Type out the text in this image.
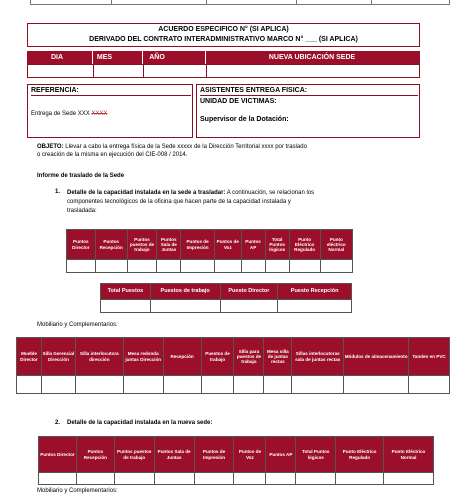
ACUERDO ESPECIFICO N° (SI APLICA)
DERIVADO DEL CONTRATO INTERADMINISTRATIVO MARCO N° ___ (SI APLICA)
DIA	MES	AÑO	NUEVA UBICACIÓN SEDE
REFERENCIA:
Entrega de Sede XXX XXXX
ASISTENTES ENTREGA FISICA:
UNIDAD DE VICTIMAS:
Supervisor de la Dotación:
OBJETO: Llevar a cabo la entrega física de la Sede xxxxx de la Dirección Territorial xxxx por traslado
o creación de la misma en ejecución del CIE-008 / 2014.
Informe de traslado de la Sede
1. Detalle de la capacidad instalada en la sede a trasladar: A continuación, se relacionan los
componentes tecnológicos de la oficina que hacen parte de la capacidad instalada y
trasladada:
Puntos Director	Puntos Recepción	Puntos puestos de trabajo	Puntos Sala de Juntas	Puntos de Impresión	Puntos de Voz	Puntos AP	Total Puntos lógicos	Punto Eléctrico Regulado	Punto eléctrico Normal

Total Puestos	Puestos de trabajo	Puesto Director	Puesto Recepción

Mobiliario y Complementarios:
Mueble Director	Silla Gerencial Dirección	Silla interlocutora dirección	Mesa redonda juntas Dirección	Recepción	Puestos de trabajo	Silla para puestos de trabajo	Mesa silla de juntas rectas	Sillas interlocutoras sala de juntas rectas	Módulos de almacenamiento	Tanden en PVC

2. Detalle de la capacidad instalada en la nueva sede:
Puntos Director	Puntos Recepción	Puntos puestos de trabajo	Puntos Sala de Juntas	Puntos de Impresión	Puntos de Voz	Puntos AP	Total Puntos lógicos	Punto Eléctrico Regulado	Punto Eléctrico Normal

Mobiliario y Complementarios:
